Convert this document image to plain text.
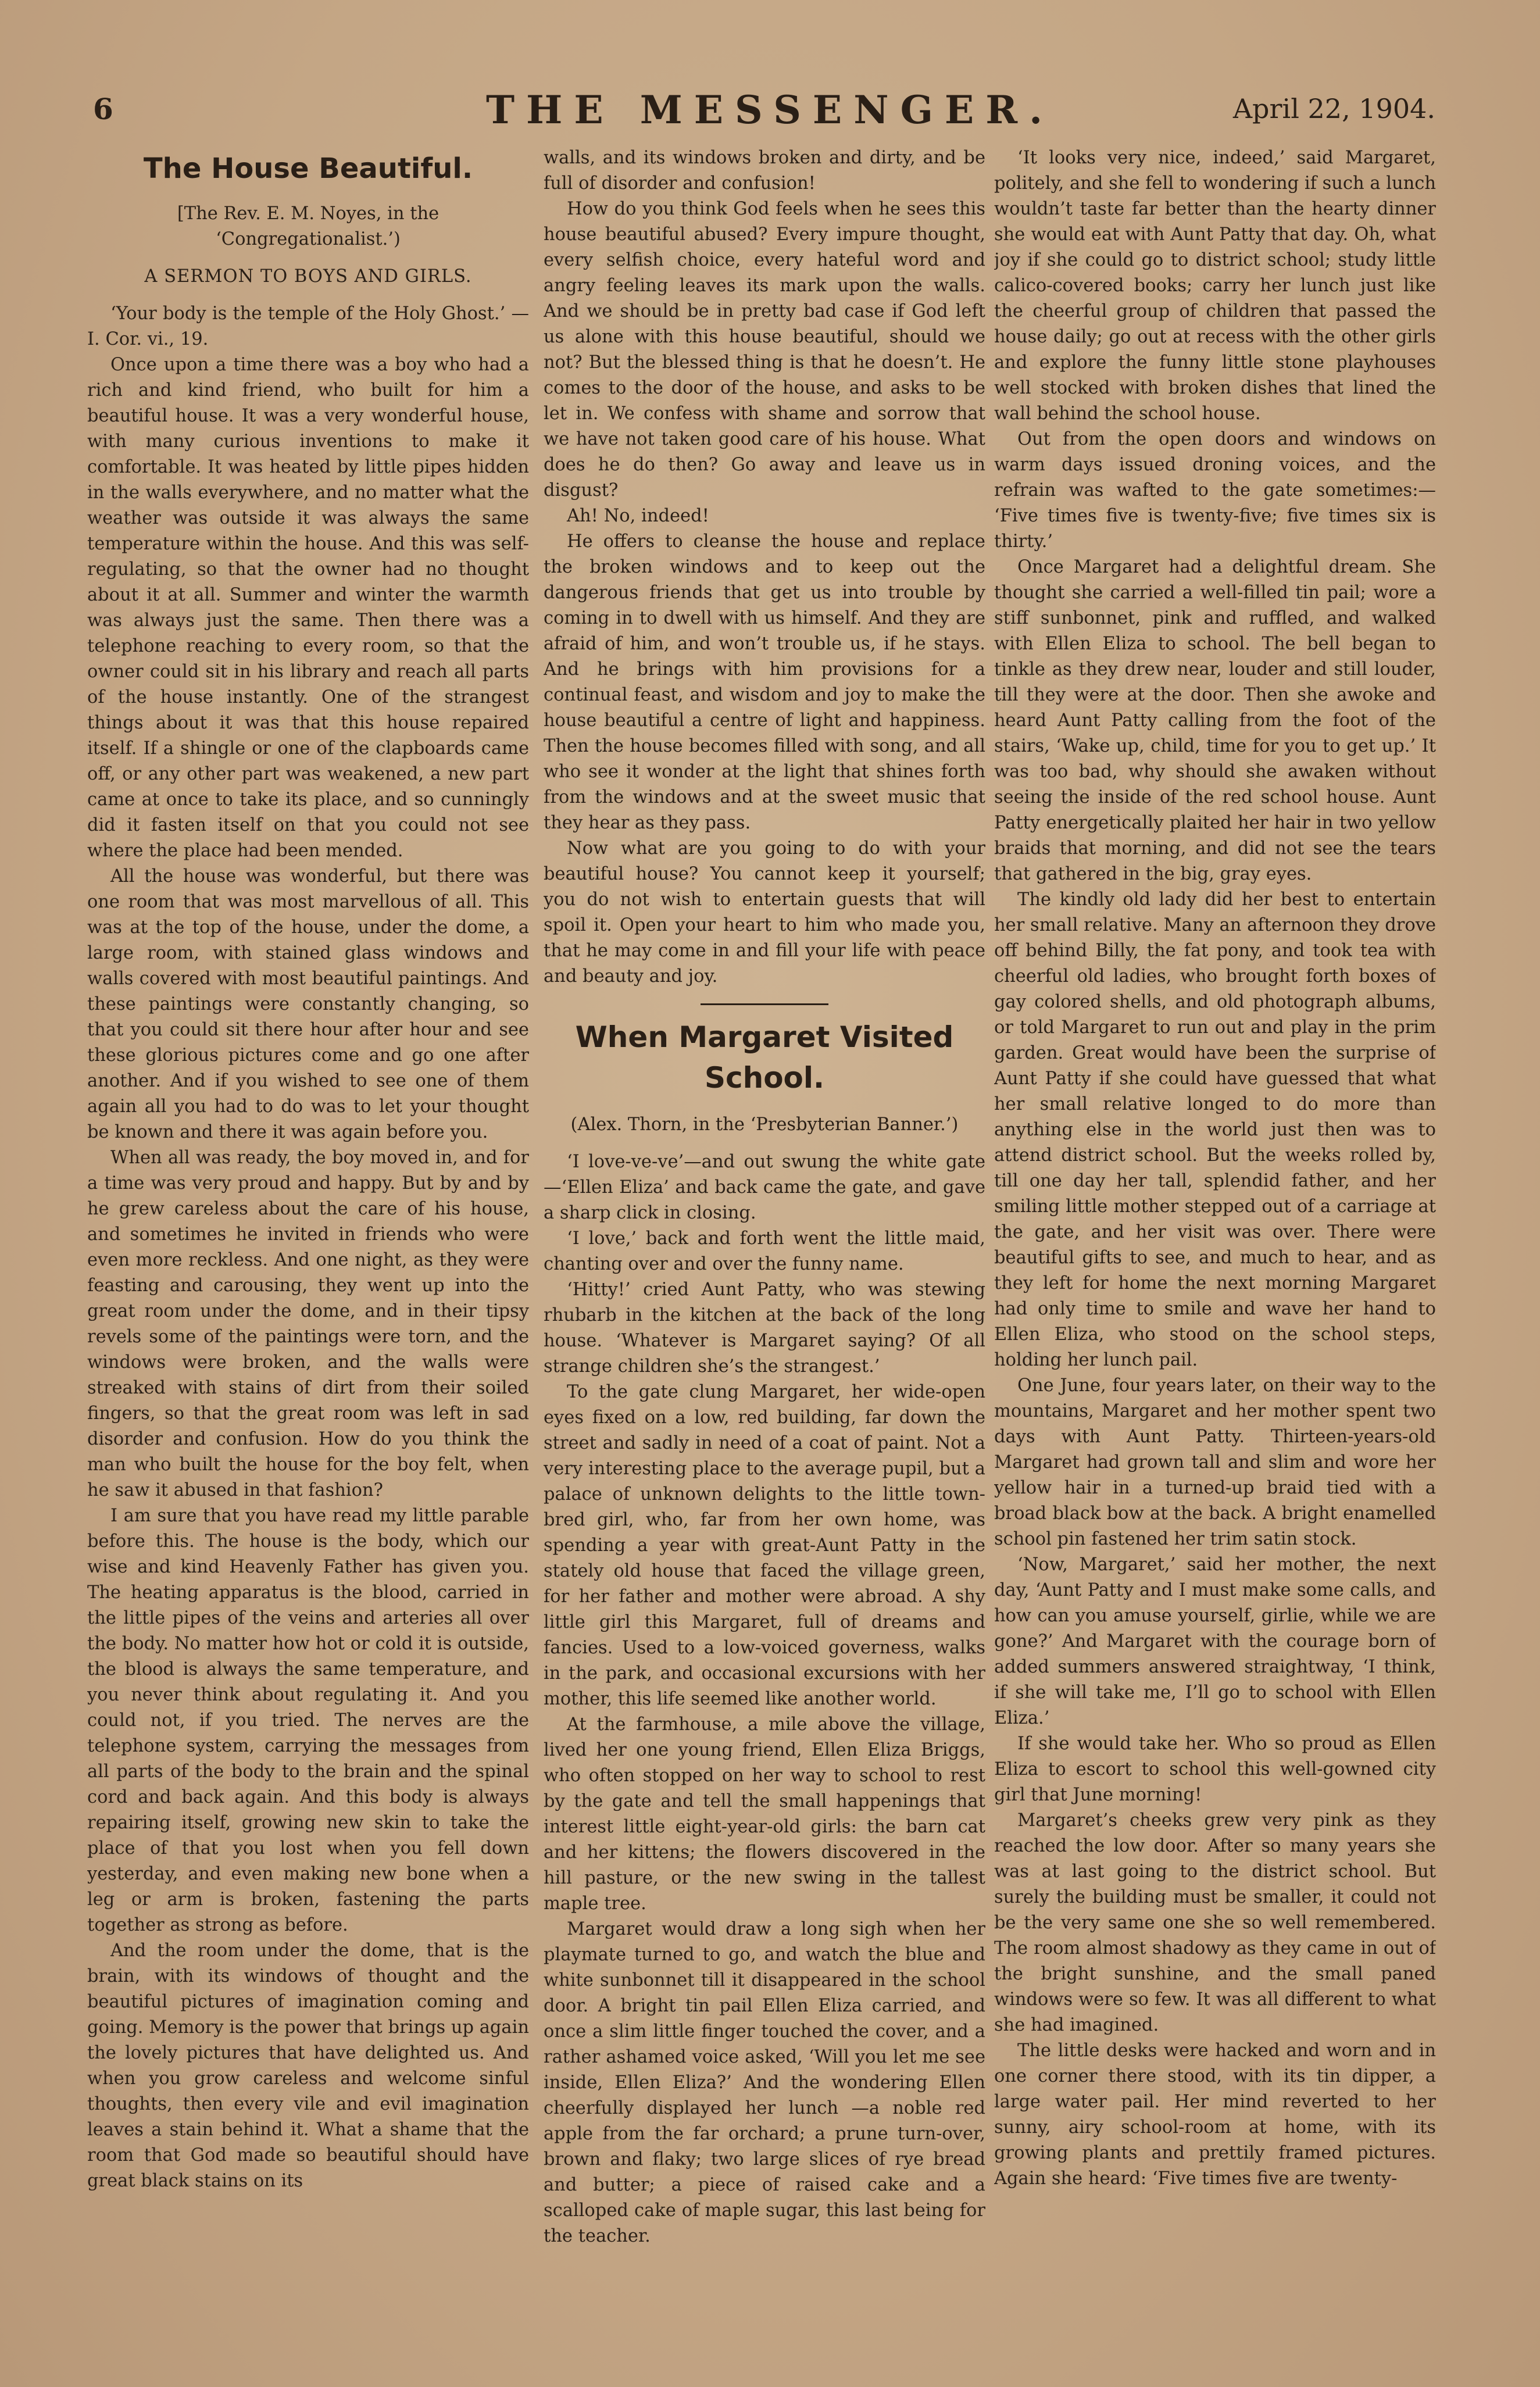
6	THE MESSENGER.	April 22, 1904.
The House Beautiful.
[The Rev. E. M. Noyes, in the ‘Congregationalist.’)
A SERMON TO BOYS AND GIRLS.

‘Your body is the temple of the Holy Ghost.’ —I. Cor. vi., 19.

Once upon a time there was a boy who had a rich and kind friend, who built for him a beautiful house. It was a very wonderful house, with many curious inventions to make it comfortable. It was heated by little pipes hidden in the walls everywhere, and no matter what the weather was outside it was always the same temperature within the house. And this was self-regulating, so that the owner had no thought about it at all. Summer and winter the warmth was always just the same. Then there was a telephone reaching to every room, so that the owner could sit in his library and reach all parts of the house instantly. One of the strangest things about it was that this house repaired itself. If a shingle or one of the clapboards came off, or any other part was weakened, a new part came at once to take its place, and so cunningly did it fasten itself on that you could not see where the place had been mended.

All the house was wonderful, but there was one room that was most marvellous of all. This was at the top of the house, under the dome, a large room, with stained glass windows and walls covered with most beautiful paintings. And these paintings were constantly changing, so that you could sit there hour after hour and see these glorious pictures come and go one after another. And if you wished to see one of them again all you had to do was to let your thought be known and there it was again before you.

When all was ready, the boy moved in, and for a time was very proud and happy. But by and by he grew careless about the care of his house, and sometimes he invited in friends who were even more reckless. And one night, as they were feasting and carousing, they went up into the great room under the dome, and in their tipsy revels some of the paintings were torn, and the windows were broken, and the walls were streaked with stains of dirt from their soiled fingers, so that the great room was left in sad disorder and confusion. How do you think the man who built the house for the boy felt, when he saw it abused in that fashion?

I am sure that you have read my little parable before this. The house is the body, which our wise and kind Heavenly Father has given you. The heating apparatus is the blood, carried in the little pipes of the veins and arteries all over the body. No matter how hot or cold it is outside, the blood is always the same temperature, and you never think about regulating it. And you could not, if you tried. The nerves are the telephone system, carrying the messages from all parts of the body to the brain and the spinal cord and back again. And this body is always repairing itself, growing new skin to take the place of that you lost when you fell down yesterday, and even making new bone when a leg or arm is broken, fastening the parts together as strong as before.

And the room under the dome, that is the brain, with its windows of thought and the beautiful pictures of imagination coming and going. Memory is the power that brings up again the lovely pictures that have delighted us. And when you grow careless and welcome sinful thoughts, then every vile and evil imagination leaves a stain behind it. What a shame that the room that God made so beautiful should have great black stains on its

walls, and its windows broken and dirty, and be full of disorder and confusion!

How do you think God feels when he sees this house beautiful abused? Every impure thought, every selfish choice, every hateful word and angry feeling leaves its mark upon the walls. And we should be in pretty bad case if God left us alone with this house beautiful, should we not? But the blessed thing is that he doesn’t. He comes to the door of the house, and asks to be let in. We confess with shame and sorrow that we have not taken good care of his house. What does he do then? Go away and leave us in disgust?

Ah! No, indeed!

He offers to cleanse the house and replace the broken windows and to keep out the dangerous friends that get us into trouble by coming in to dwell with us himself. And they are afraid of him, and won’t trouble us, if he stays. And he brings with him provisions for a continual feast, and wisdom and joy to make the house beautiful a centre of light and happiness. Then the house becomes filled with song, and all who see it wonder at the light that shines forth from the windows and at the sweet music that they hear as they pass.

Now what are you going to do with your beautiful house? You cannot keep it yourself; you do not wish to entertain guests that will spoil it. Open your heart to him who made you, that he may come in and fill your life with peace and beauty and joy.

When Margaret Visited School.
(Alex. Thorn, in the ‘Presbyterian Banner.’)

‘I love-ve-ve’—and out swung the white gate—‘Ellen Eliza’ and back came the gate, and gave a sharp click in closing.

‘I love,’ back and forth went the little maid, chanting over and over the funny name.

‘Hitty!’ cried Aunt Patty, who was stewing rhubarb in the kitchen at the back of the long house. ‘Whatever is Margaret saying? Of all strange children she’s the strangest.’

To the gate clung Margaret, her wide-open eyes fixed on a low, red building, far down the street and sadly in need of a coat of paint. Not a very interesting place to the average pupil, but a palace of unknown delights to the little town-bred girl, who, far from her own home, was spending a year with great-Aunt Patty in the stately old house that faced the village green, for her father and mother were abroad. A shy little girl this Margaret, full of dreams and fancies. Used to a low-voiced governess, walks in the park, and occasional excursions with her mother, this life seemed like another world.

At the farmhouse, a mile above the village, lived her one young friend, Ellen Eliza Briggs, who often stopped on her way to school to rest by the gate and tell the small happenings that interest little eight-year-old girls: the barn cat and her kittens; the flowers discovered in the hill pasture, or the new swing in the tallest maple tree.

Margaret would draw a long sigh when her playmate turned to go, and watch the blue and white sunbonnet till it disappeared in the school door. A bright tin pail Ellen Eliza carried, and once a slim little finger touched the cover, and a rather ashamed voice asked, ‘Will you let me see inside, Ellen Eliza?’ And the wondering Ellen cheerfully displayed her lunch —a noble red apple from the far orchard; a prune turn-over, brown and flaky; two large slices of rye bread and butter; a piece of raised cake and a scalloped cake of maple sugar, this last being for the teacher.

‘It looks very nice, indeed,’ said Margaret, politely, and she fell to wondering if such a lunch wouldn’t taste far better than the hearty dinner she would eat with Aunt Patty that day. Oh, what joy if she could go to district school; study little calico-covered books; carry her lunch just like the cheerful group of children that passed the house daily; go out at recess with the other girls and explore the funny little stone playhouses well stocked with broken dishes that lined the wall behind the school house.

Out from the open doors and windows on warm days issued droning voices, and the refrain was wafted to the gate sometimes:— ‘Five times five is twenty-five; five times six is thirty.’

Once Margaret had a delightful dream. She thought she carried a well-filled tin pail; wore a stiff sunbonnet, pink and ruffled, and walked with Ellen Eliza to school. The bell began to tinkle as they drew near, louder and still louder, till they were at the door. Then she awoke and heard Aunt Patty calling from the foot of the stairs, ‘Wake up, child, time for you to get up.’ It was too bad, why should she awaken without seeing the inside of the red school house. Aunt Patty energetically plaited her hair in two yellow braids that morning, and did not see the tears that gathered in the big, gray eyes.

The kindly old lady did her best to entertain her small relative. Many an afternoon they drove off behind Billy, the fat pony, and took tea with cheerful old ladies, who brought forth boxes of gay colored shells, and old photograph albums, or told Margaret to run out and play in the prim garden. Great would have been the surprise of Aunt Patty if she could have guessed that what her small relative longed to do more than anything else in the world just then was to attend district school. But the weeks rolled by, till one day her tall, splendid father, and her smiling little mother stepped out of a carriage at the gate, and her visit was over. There were beautiful gifts to see, and much to hear, and as they left for home the next morning Margaret had only time to smile and wave her hand to Ellen Eliza, who stood on the school steps, holding her lunch pail.

One June, four years later, on their way to the mountains, Margaret and her mother spent two days with Aunt Patty. Thirteen-years-old Margaret had grown tall and slim and wore her yellow hair in a turned-up braid tied with a broad black bow at the back. A bright enamelled school pin fastened her trim satin stock.

‘Now, Margaret,’ said her mother, the next day, ‘Aunt Patty and I must make some calls, and how can you amuse yourself, girlie, while we are gone?’ And Margaret with the courage born of added summers answered straightway, ‘I think, if she will take me, I’ll go to school with Ellen Eliza.’

If she would take her. Who so proud as Ellen Eliza to escort to school this well-gowned city girl that June morning!

Margaret’s cheeks grew very pink as they reached the low door. After so many years she was at last going to the district school. But surely the building must be smaller, it could not be the very same one she so well remembered. The room almost shadowy as they came in out of the bright sunshine, and the small paned windows were so few. It was all different to what she had imagined.

The little desks were hacked and worn and in one corner there stood, with its tin dipper, a large water pail. Her mind reverted to her sunny, airy school-room at home, with its growing plants and prettily framed pictures. Again she heard: ‘Five times five are twenty-
